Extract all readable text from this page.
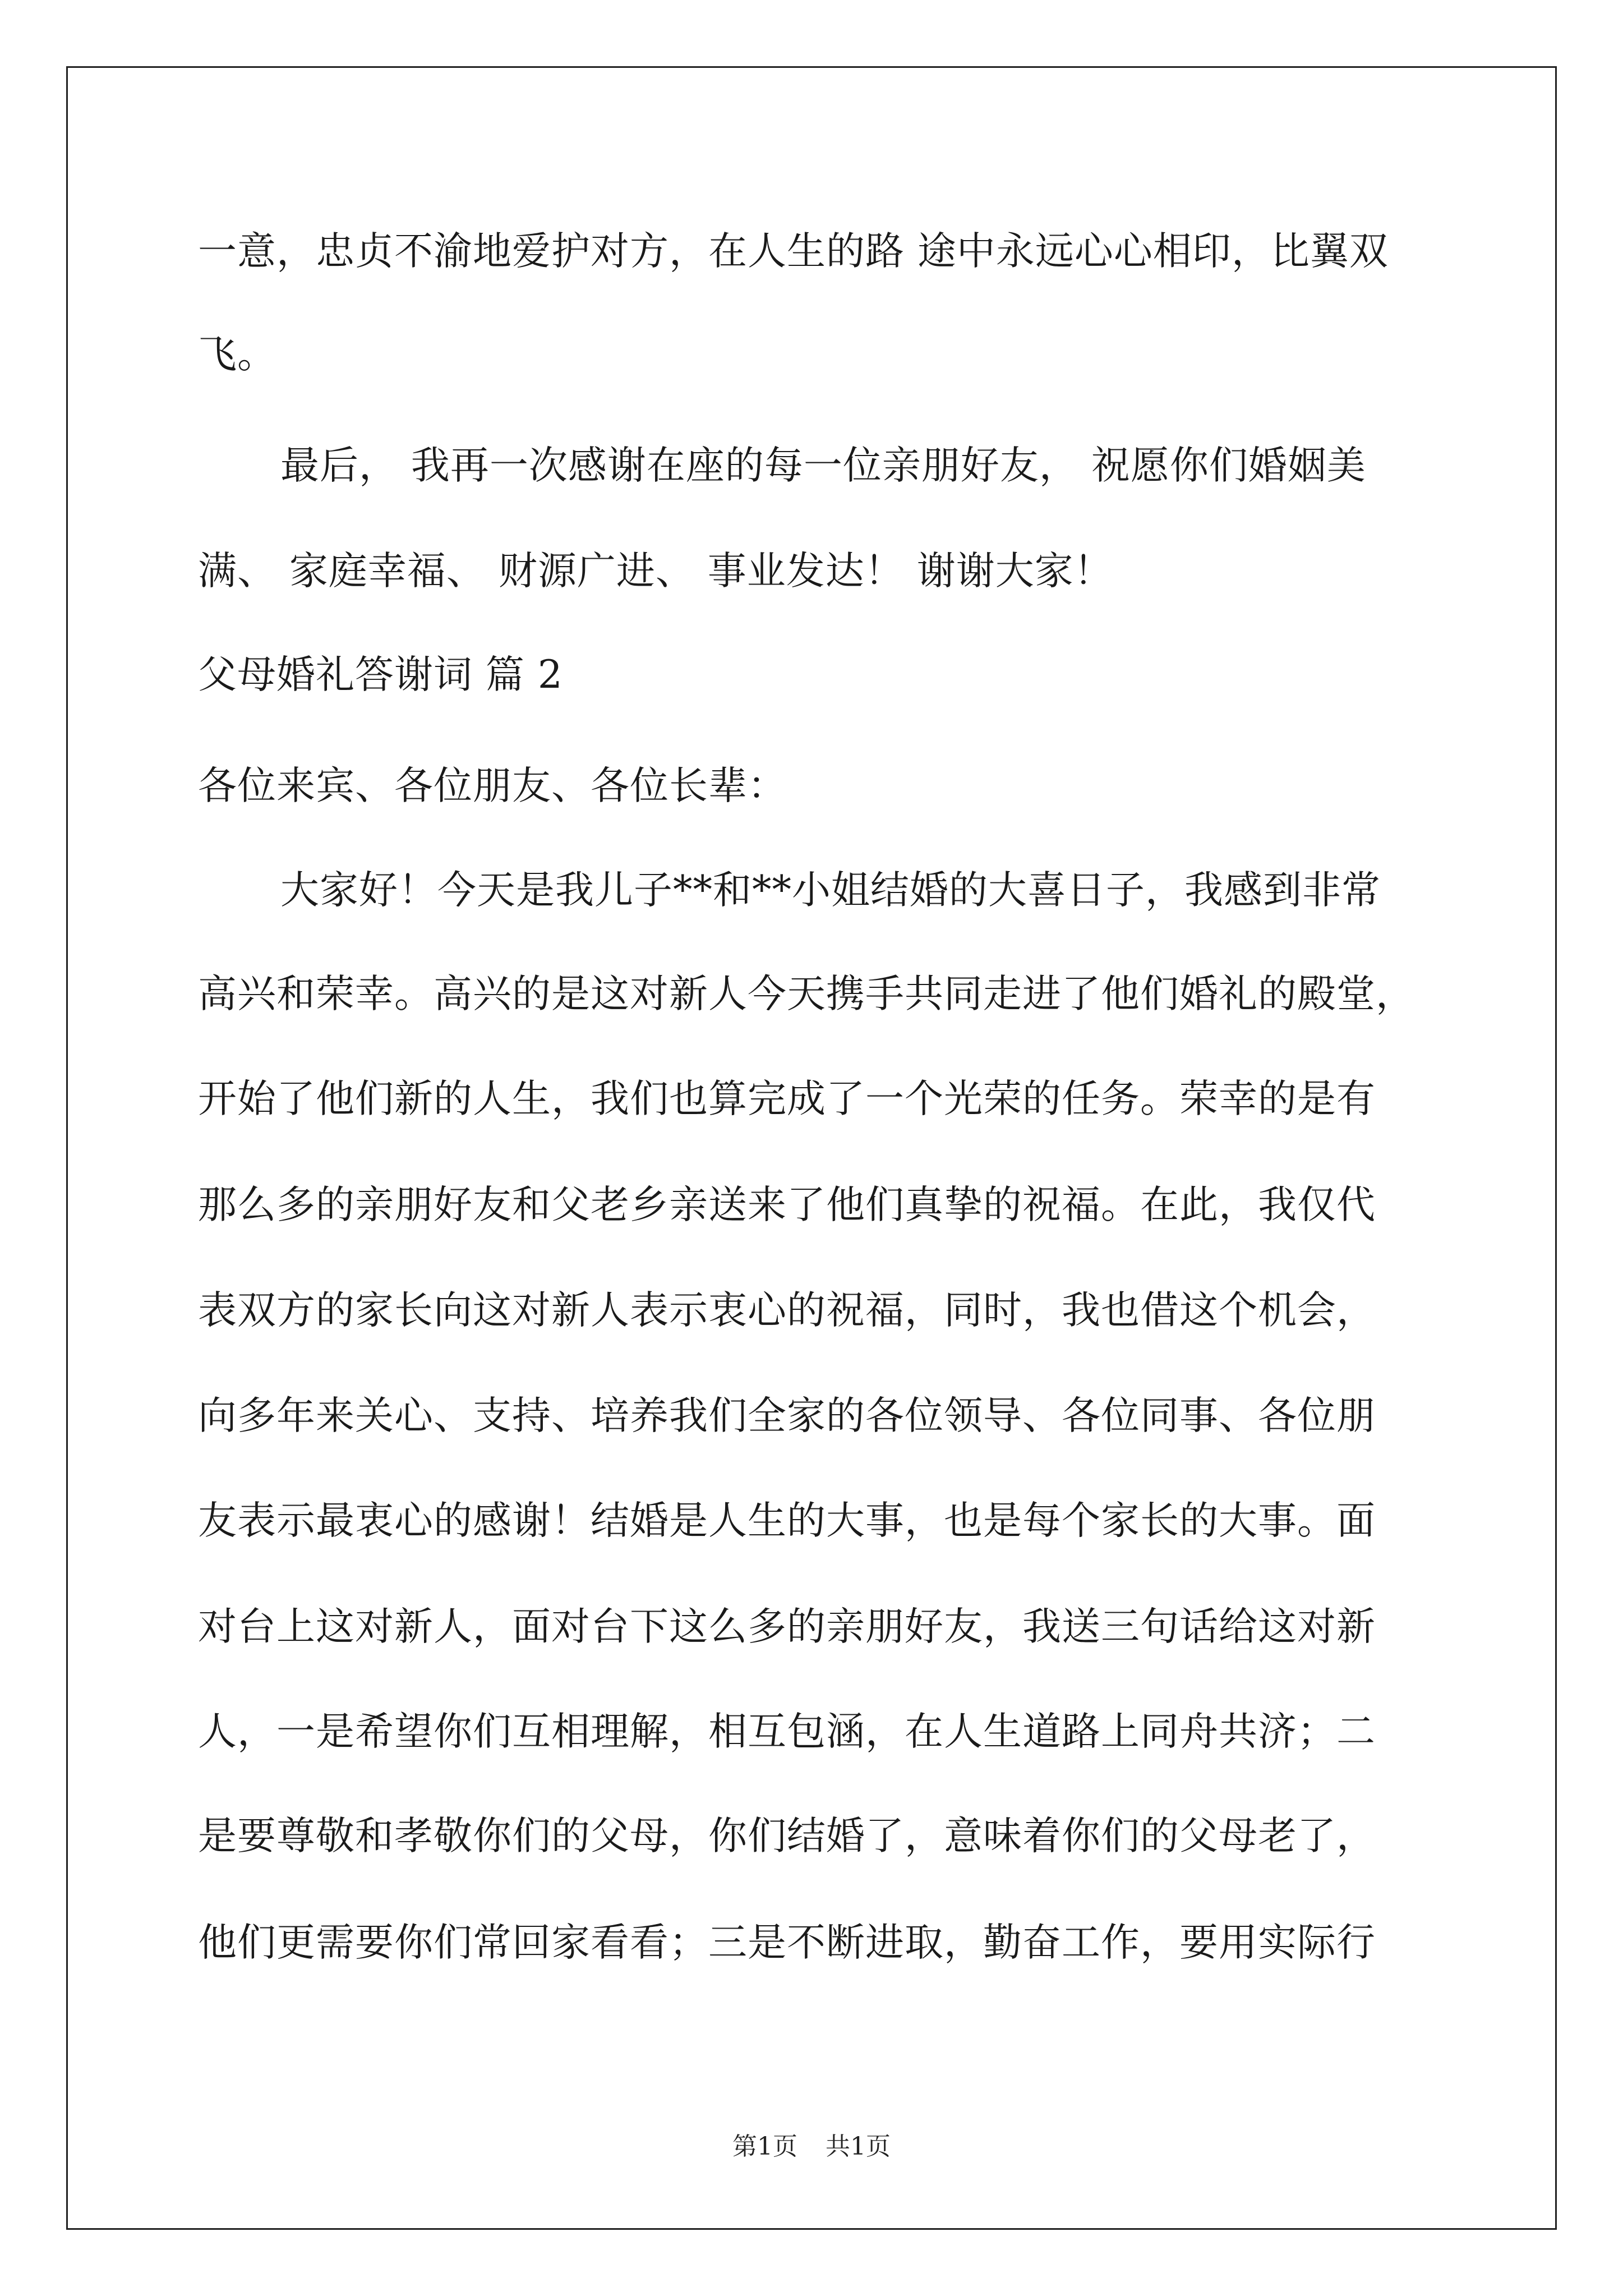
一意，忠贞不渝地爱护对方，在人生的路 途中永远心心相印，比翼双
飞。
最后， 我再一次感谢在座的每一位亲朋好友， 祝愿你们婚姻美
满、 家庭幸福、 财源广进、 事业发达！ 谢谢大家！
父母婚礼答谢词 篇 2
各位来宾、各位朋友、各位长辈：
大家好！今天是我儿子**和**小姐结婚的大喜日子，我感到非常
高兴和荣幸。高兴的是这对新人今天携手共同走进了他们婚礼的殿堂，
开始了他们新的人生，我们也算完成了一个光荣的任务。荣幸的是有
那么多的亲朋好友和父老乡亲送来了他们真挚的祝福。在此，我仅代
表双方的家长向这对新人表示衷心的祝福，同时，我也借这个机会，
向多年来关心、支持、培养我们全家的各位领导、各位同事、各位朋
友表示最衷心的感谢！结婚是人生的大事，也是每个家长的大事。面
对台上这对新人，面对台下这么多的亲朋好友，我送三句话给这对新
人，一是希望你们互相理解，相互包涵，在人生道路上同舟共济；二
是要尊敬和孝敬你们的父母，你们结婚了，意味着你们的父母老了，
他们更需要你们常回家看看；三是不断进取，勤奋工作，要用实际行
第1页 共1页
